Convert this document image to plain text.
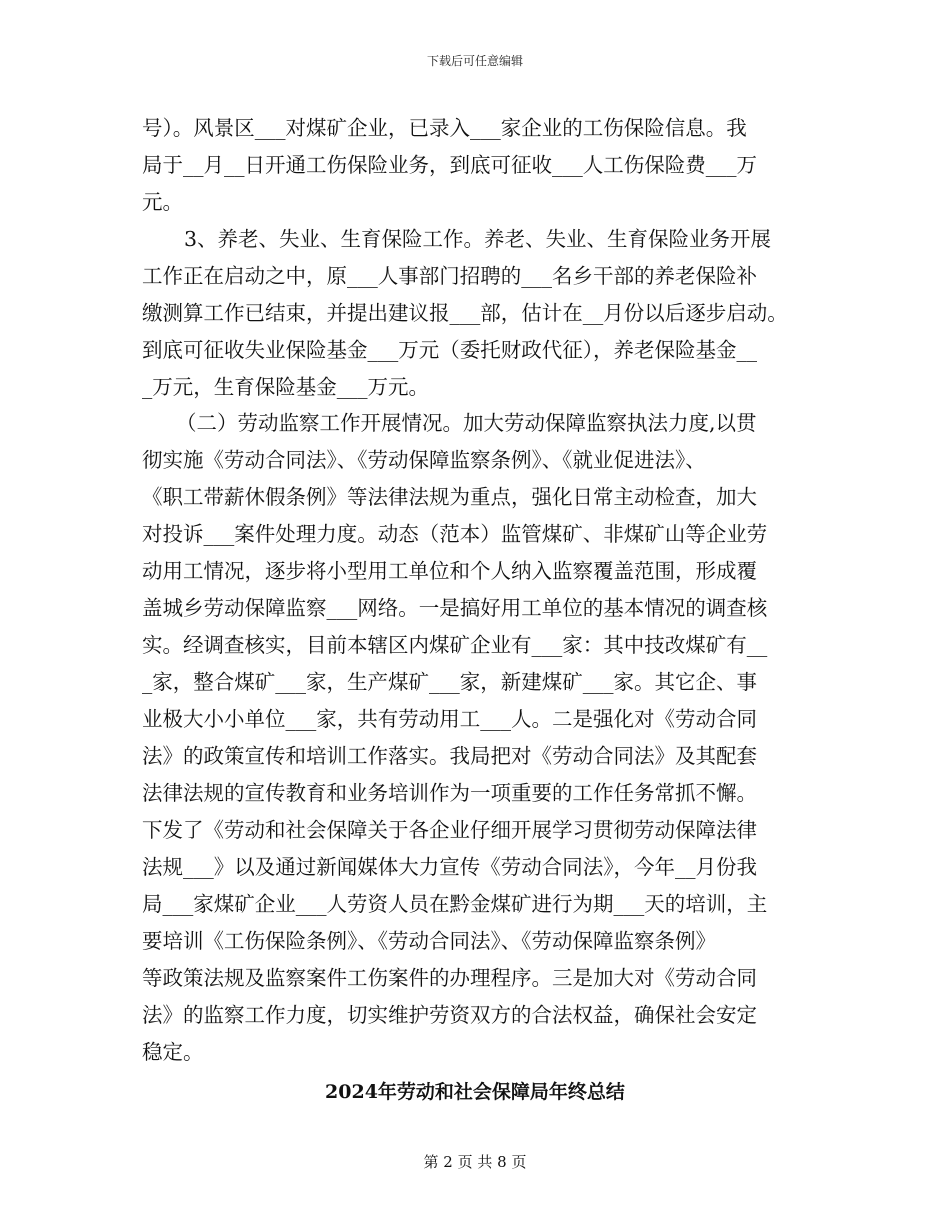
下载后可任意编辑
号）。风景区___对煤矿企业，已录入___家企业的工伤保险信息。我
局于__月__日开通工伤保险业务，到底可征收___人工伤保险费___万
元。
3、养老、失业、生育保险工作。养老、失业、生育保险业务开展
工作正在启动之中，原___人事部门招聘的___名乡干部的养老保险补
缴测算工作已结束，并提出建议报___部，估计在__月份以后逐步启动。
到底可征收失业保险基金___万元（委托财政代征），养老保险基金__
_万元，生育保险基金___万元。
（二）劳动监察工作开展情况。加大劳动保障监察执法力度,以贯
彻实施《劳动合同法》、《劳动保障监察条例》、《就业促进法》、
《职工带薪休假条例》等法律法规为重点，强化日常主动检查，加大
对投诉___案件处理力度。动态（范本）监管煤矿、非煤矿山等企业劳
动用工情况，逐步将小型用工单位和个人纳入监察覆盖范围，形成覆
盖城乡劳动保障监察___网络。一是搞好用工单位的基本情况的调查核
实。经调查核实，目前本辖区内煤矿企业有___家：其中技改煤矿有__
_家，整合煤矿___家，生产煤矿___家，新建煤矿___家。其它企、事
业极大小小单位___家，共有劳动用工___人。二是强化对《劳动合同
法》的政策宣传和培训工作落实。我局把对《劳动合同法》及其配套
法律法规的宣传教育和业务培训作为一项重要的工作任务常抓不懈。
下发了《劳动和社会保障关于各企业仔细开展学习贯彻劳动保障法律
法规___》以及通过新闻媒体大力宣传《劳动合同法》，今年__月份我
局___家煤矿企业___人劳资人员在黔金煤矿进行为期___天的培训，主
要培训《工伤保险条例》、《劳动合同法》、《劳动保障监察条例》
等政策法规及监察案件工伤案件的办理程序。三是加大对《劳动合同
法》的监察工作力度，切实维护劳资双方的合法权益，确保社会安定
稳定。
2024年劳动和社会保障局年终总结
第 2 页 共 8 页
